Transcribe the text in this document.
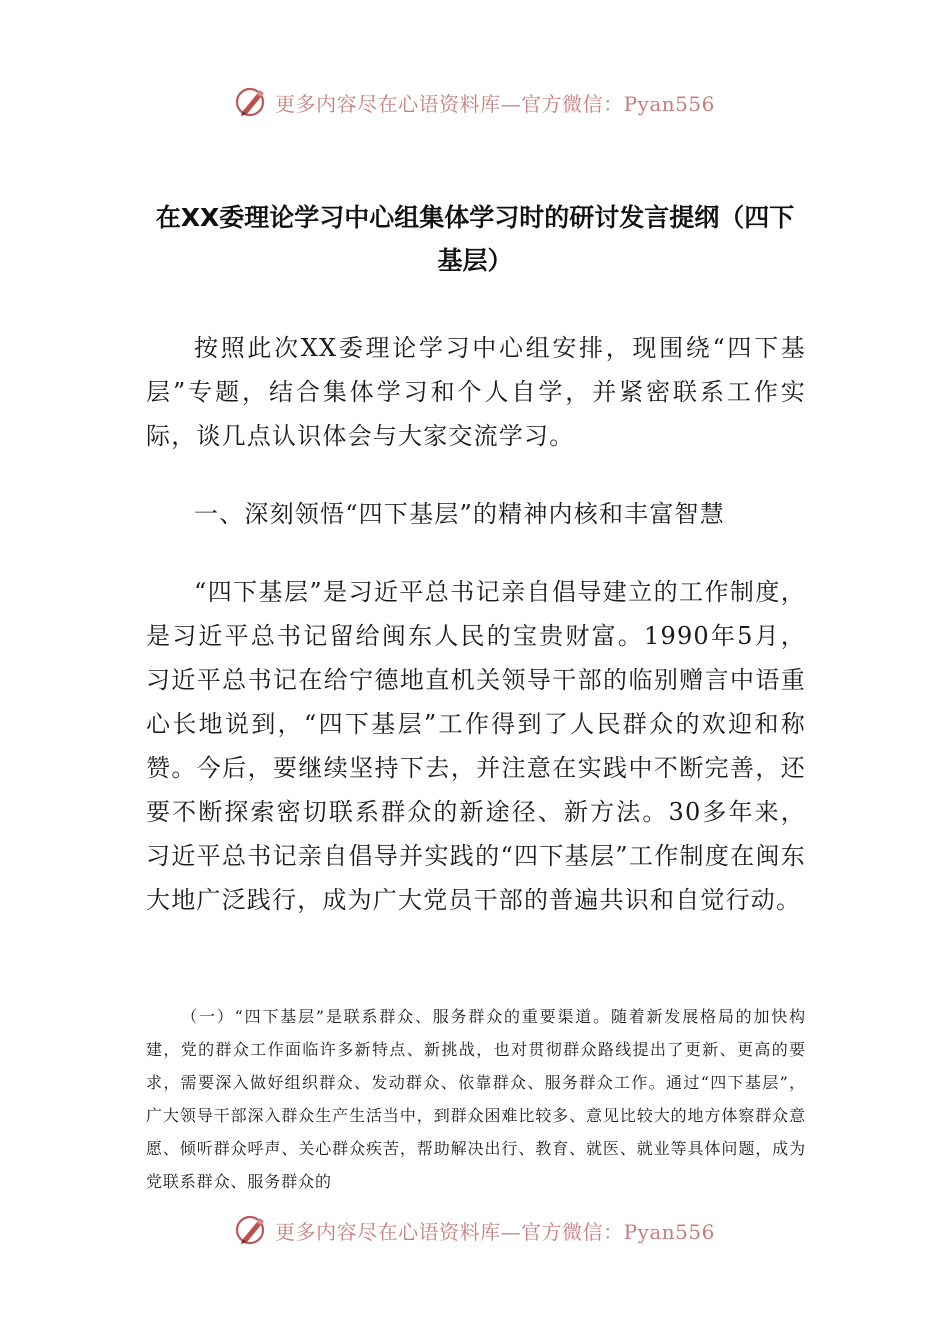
更多内容尽在心语资料库—官方微信：Pyan556
在XX委理论学习中心组集体学习时的研讨发言提纲（四下基层）

按照此次XX委理论学习中心组安排，现围绕“四下基层”专题，结合集体学习和个人自学，并紧密联系工作实际，谈几点认识体会与大家交流学习。

一、深刻领悟“四下基层”的精神内核和丰富智慧

“四下基层”是习近平总书记亲自倡导建立的工作制度，是习近平总书记留给闽东人民的宝贵财富。1990年5月，习近平总书记在给宁德地直机关领导干部的临别赠言中语重心长地说到，“四下基层”工作得到了人民群众的欢迎和称赞。今后，要继续坚持下去，并注意在实践中不断完善，还要不断探索密切联系群众的新途径、新方法。30多年来，习近平总书记亲自倡导并实践的“四下基层”工作制度在闽东大地广泛践行，成为广大党员干部的普遍共识和自觉行动。

（一）“四下基层”是联系群众、服务群众的重要渠道。随着新发展格局的加快构建，党的群众工作面临许多新特点、新挑战，也对贯彻群众路线提出了更新、更高的要求，需要深入做好组织群众、发动群众、依靠群众、服务群众工作。通过“四下基层”，广大领导干部深入群众生产生活当中，到群众困难比较多、意见比较大的地方体察群众意愿、倾听群众呼声、关心群众疾苦，帮助解决出行、教育、就医、就业等具体问题，成为党联系群众、服务群众的

更多内容尽在心语资料库—官方微信：Pyan556
